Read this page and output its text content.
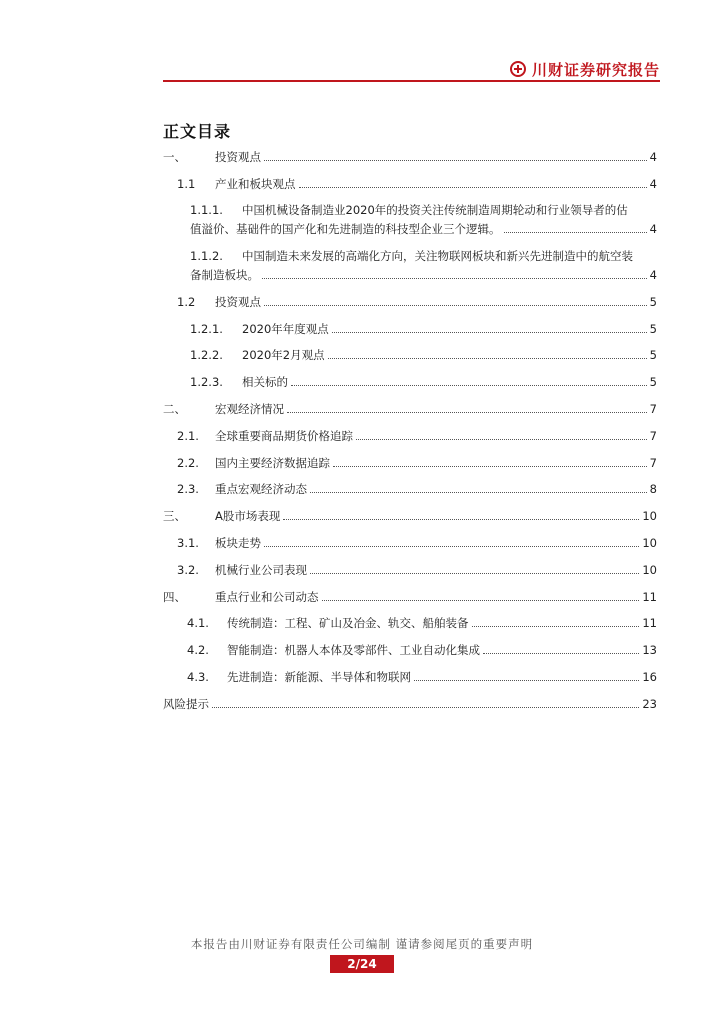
川财证券研究报告
正文目录
一、	投资观点	4
1.1	产业和板块观点	4
1.1.1. 中国机械设备制造业2020年的投资关注传统制造周期轮动和行业领导者的估
值溢价、基础件的国产化和先进制造的科技型企业三个逻辑。	4
1.1.2. 中国制造未来发展的高端化方向，关注物联网板块和新兴先进制造中的航空装
备制造板块。	4
1.2	投资观点	5
1.2.1.	2020年年度观点	5
1.2.2.	2020年2月观点	5
1.2.3.	相关标的	5
二、	宏观经济情况	7
2.1.	全球重要商品期货价格追踪	7
2.2.	国内主要经济数据追踪	7
2.3.	重点宏观经济动态	8
三、	A股市场表现	10
3.1.	板块走势	10
3.2.	机械行业公司表现	10
四、	重点行业和公司动态	11
4.1.	传统制造：工程、矿山及冶金、轨交、船舶装备	11
4.2.	智能制造：机器人本体及零部件、工业自动化集成	13
4.3.	先进制造：新能源、半导体和物联网	16
风险提示	23
本报告由川财证券有限责任公司编制 谨请参阅尾页的重要声明
2/24
